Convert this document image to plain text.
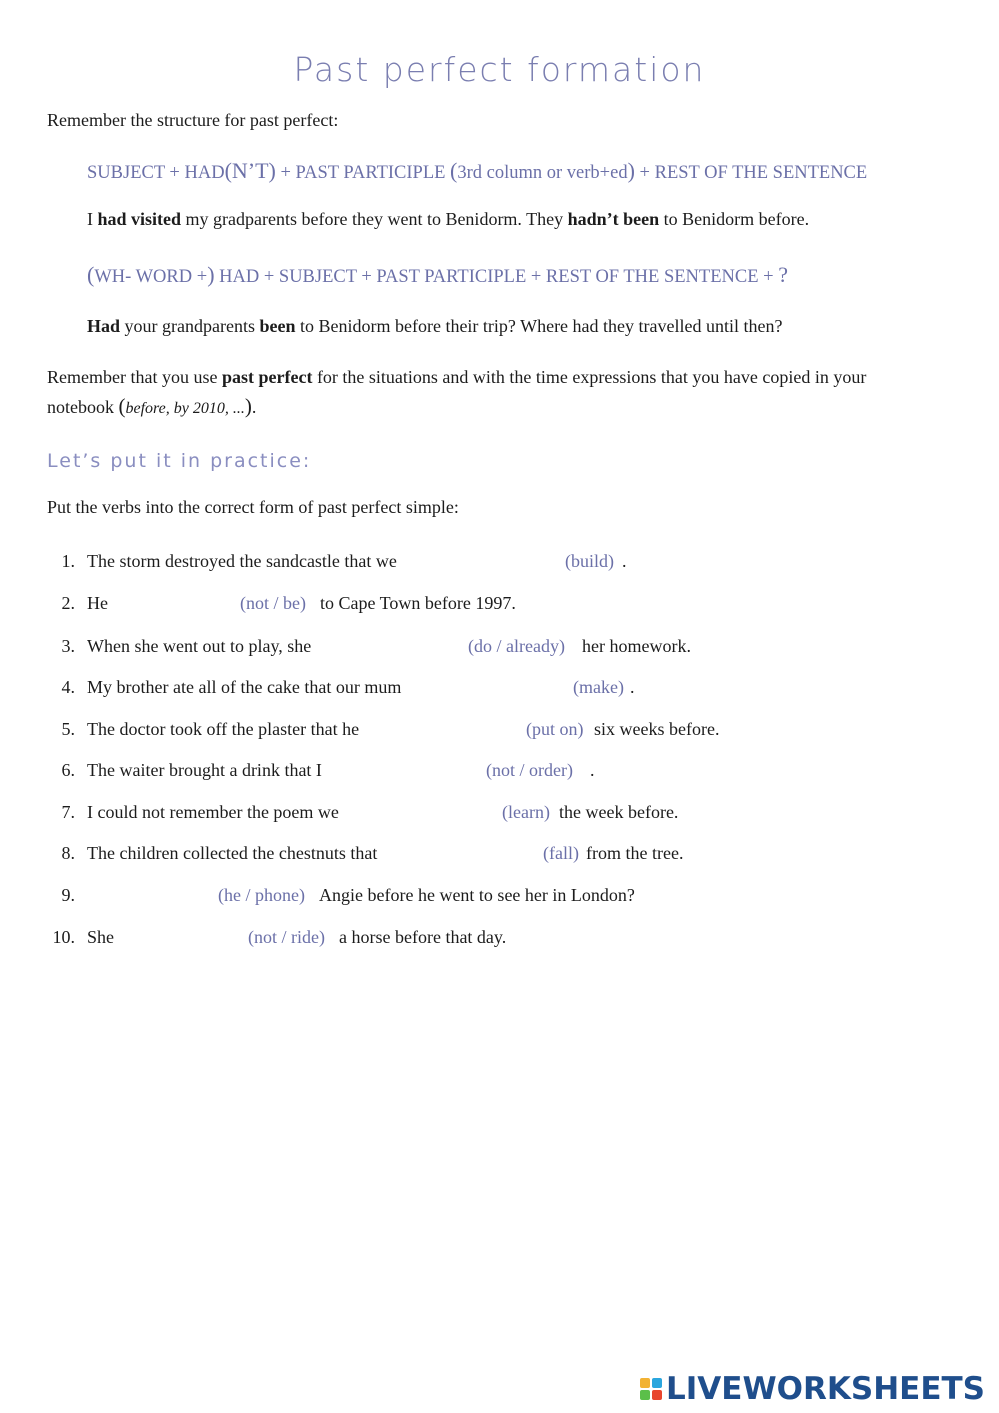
Past perfect formation
Remember the structure for past perfect:
SUBJECT + HAD(N’T) + PAST PARTICIPLE (3rd column or verb+ed) + REST OF THE SENTENCE
I had visited my gradparents before they went to Benidorm. They hadn’t been to Benidorm before.
(WH- WORD +) HAD + SUBJECT + PAST PARTICIPLE + REST OF THE SENTENCE + ?
Had your grandparents been to Benidorm before their trip? Where had they travelled until then?
Remember that you use past perfect for the situations and with the time expressions that you have copied in your notebook (before, by 2010, ...).
Let’s put it in practice:
Put the verbs into the correct form of past perfect simple:
1. The storm destroyed the sandcastle that we	(build) .
2. He	(not / be) to Cape Town before 1997.
3. When she went out to play, she	(do / already) her homework.
4. My brother ate all of the cake that our mum	(make) .
5. The doctor took off the plaster that he	(put on) six weeks before.
6. The waiter brought a drink that I	(not / order) .
7. I could not remember the poem we	(learn) the week before.
8. The children collected the chestnuts that	(fall) from the tree.
9.	(he / phone) Angie before he went to see her in London?
10. She	(not / ride) a horse before that day.
LIVEWORKSHEETS
